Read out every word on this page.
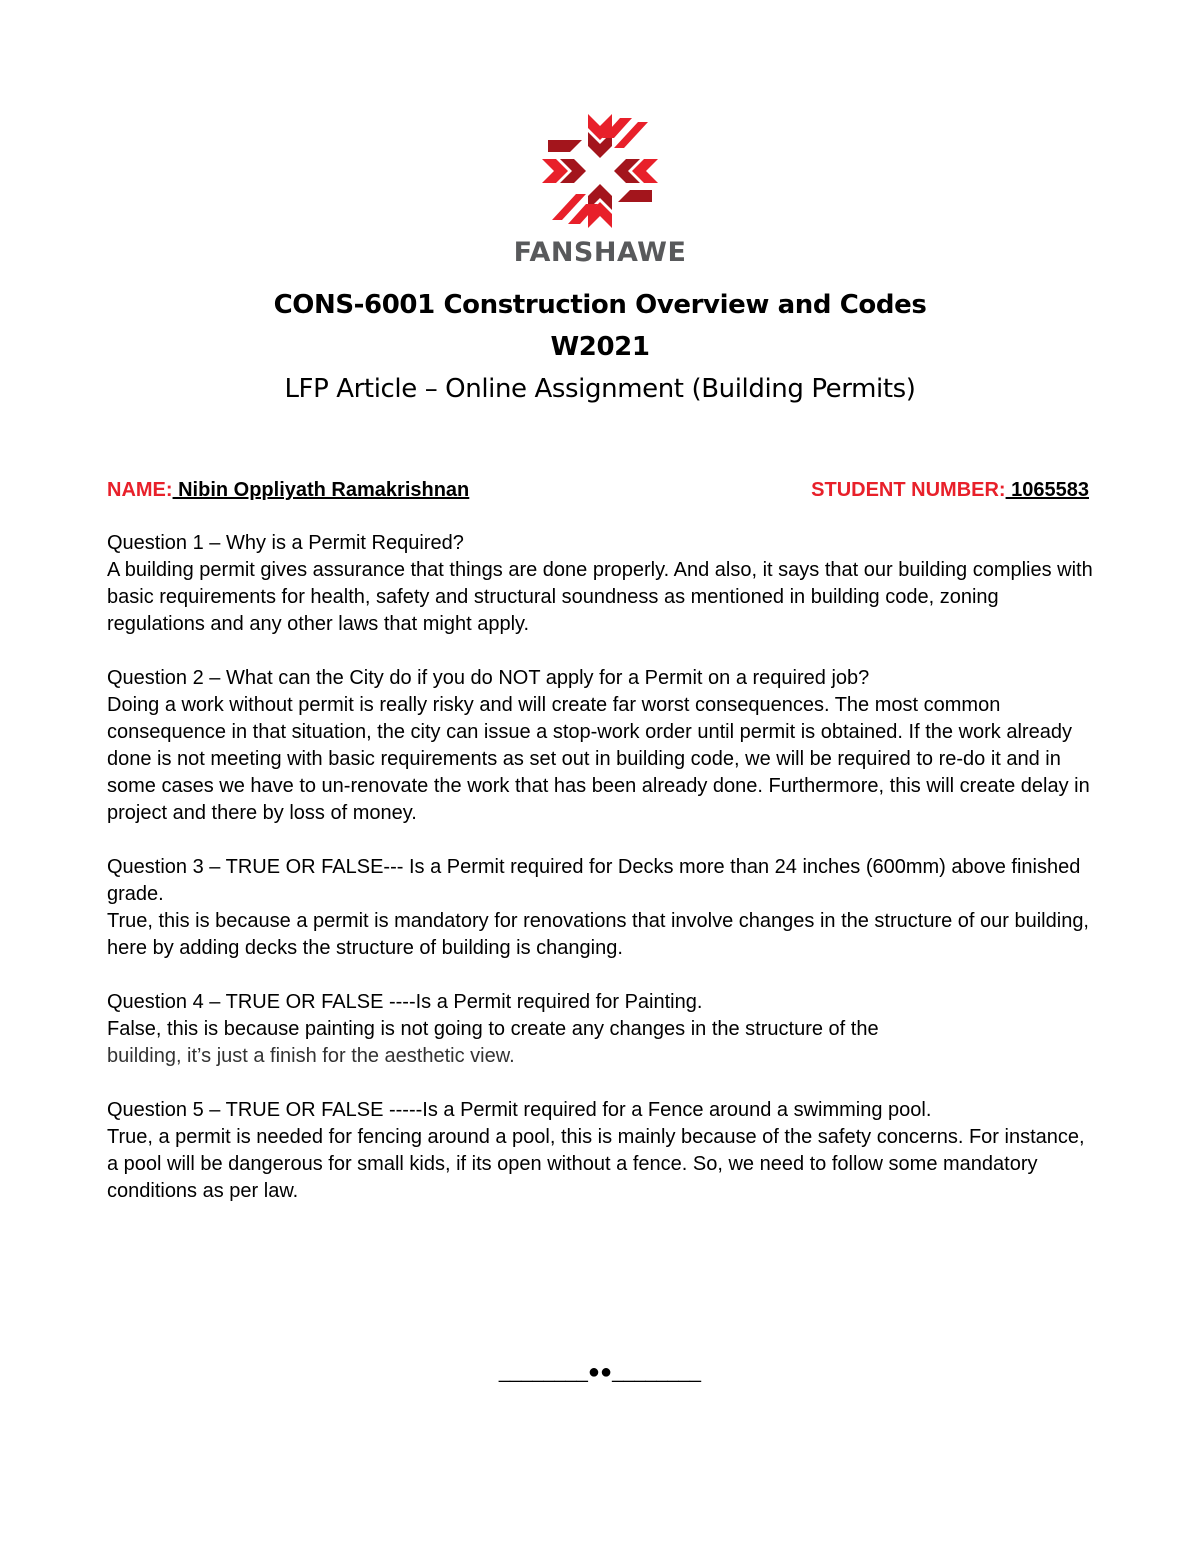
FANSHAWE
CONS-6001 Construction Overview and Codes
W2021
LFP Article – Online Assignment (Building Permits)
NAME: Nibin Oppliyath Ramakrishnan	STUDENT NUMBER: 1065583

Question 1 – Why is a Permit Required?

A building permit gives assurance that things are done properly. And also, it says that our building complies with basic requirements for health, safety and structural soundness as mentioned in building code, zoning regulations and any other laws that might apply.

Question 2 – What can the City do if you do NOT apply for a Permit on a required job?

Doing a work without permit is really risky and will create far worst consequences. The most common consequence in that situation, the city can issue a stop-work order until permit is obtained. If the work already done is not meeting with basic requirements as set out in building code, we will be required to re-do it and in some cases we have to un-renovate the work that has been already done. Furthermore, this will create delay in project and there by loss of money.

Question 3 – TRUE OR FALSE--- Is a Permit required for Decks more than 24 inches (600mm) above finished grade.

True, this is because a permit is mandatory for renovations that involve changes in the structure of our building, here by adding decks the structure of building is changing.

Question 4 – TRUE OR FALSE ----Is a Permit required for Painting.

False, this is because painting is not going to create any changes in the structure of the

building, it’s just a finish for the aesthetic view.

Question 5 – TRUE OR FALSE -----Is a Permit required for a Fence around a swimming pool.

True, a permit is needed for fencing around a pool, this is mainly because of the safety concerns. For instance, a pool will be dangerous for small kids, if its open without a fence. So, we need to follow some mandatory conditions as per law.

________●●________
